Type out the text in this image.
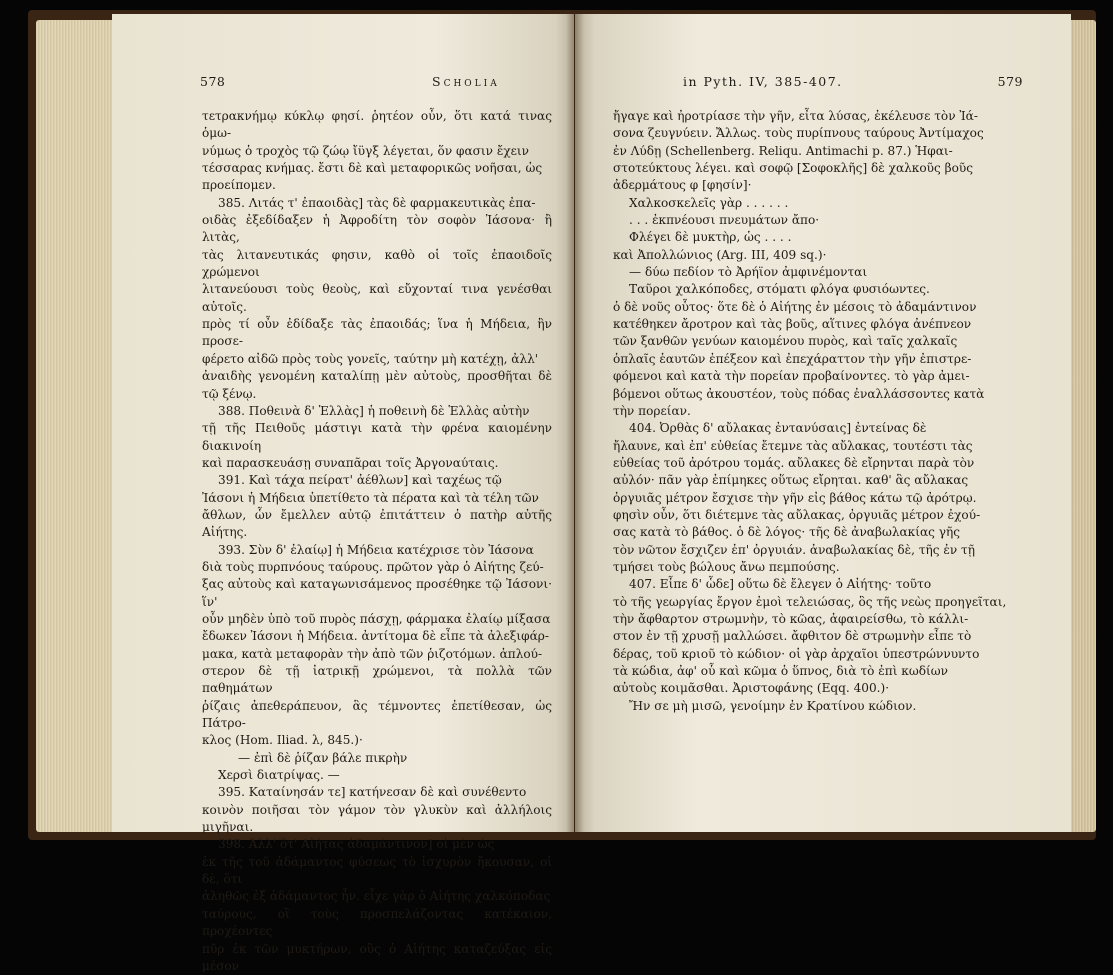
578	Scholia

τετρακνήμῳ κύκλῳ φησί. ῥητέον οὖν, ὅτι κατά τινας ὁμω-

νύμως ὁ τροχὸς τῷ ζώῳ ἴϋγξ λέγεται, ὅν φασιν ἔχειν

τέσσαρας κνήμας. ἔστι δὲ καὶ μεταφορικῶς νοῆσαι, ὡς

προείπομεν.

385. Λιτάς τ' ἐπαοιδὰς] τὰς δὲ φαρμακευτικὰς ἐπα-

οιδὰς ἐξεδίδαξεν ἡ Ἀφροδίτη τὸν σοφὸν Ἰάσονα· ἢ λιτὰς,

τὰς λιτανευτικάς φησιν, καθὸ οἱ τοῖς ἐπαοιδοῖς χρώμενοι

λιτανεύουσι τοὺς θεοὺς, καὶ εὔχονταί τινα γενέσθαι αὐτοῖς.

πρὸς τί οὖν ἐδίδαξε τὰς ἐπαοιδάς; ἵνα ἡ Μήδεια, ἣν προσε-

φέρετο αἰδῶ πρὸς τοὺς γονεῖς, ταύτην μὴ κατέχῃ, ἀλλ'

ἀναιδὴς γενομένη καταλίπῃ μὲν αὐτοὺς, προσθῆται δὲ τῷ ξένῳ.

388. Ποθεινὰ δ' Ἑλλὰς] ἡ ποθεινὴ δὲ Ἑλλὰς αὐτὴν

τῇ τῆς Πειθοῦς μάστιγι κατὰ τὴν φρένα καιομένην διακινοίη

καὶ παρασκευάσῃ συναπᾶραι τοῖς Ἀργοναύταις.

391. Καὶ τάχα πείρατ' ἀέθλων] καὶ ταχέως τῷ

Ἰάσονι ἡ Μήδεια ὑπετίθετο τὰ πέρατα καὶ τὰ τέλη τῶν

ἄθλων, ὧν ἔμελλεν αὐτῷ ἐπιτάττειν ὁ πατὴρ αὐτῆς Αἰήτης.

393. Σὺν δ' ἐλαίῳ] ἡ Μήδεια κατέχρισε τὸν Ἰάσονα

διὰ τοὺς πυρπνόους ταύρους. πρῶτον γὰρ ὁ Αἰήτης ζεύ-

ξας αὐτοὺς καὶ καταγωνισάμενος προσέθηκε τῷ Ἰάσονι· ἵν'

οὖν μηδὲν ὑπὸ τοῦ πυρὸς πάσχῃ, φάρμακα ἐλαίῳ μίξασα

ἔδωκεν Ἰάσονι ἡ Μήδεια. ἀντίτομα δὲ εἶπε τὰ ἀλεξιφάρ-

μακα, κατὰ μεταφορὰν τὴν ἀπὸ τῶν ῥιζοτόμων. ἀπλού-

στερον δὲ τῇ ἰατρικῇ χρώμενοι, τὰ πολλὰ τῶν παθημάτων

ῥίζαις ἀπεθεράπευον, ἃς τέμνοντες ἐπετίθεσαν, ὡς Πάτρο-

κλος (Hom. Iliad. λ, 845.)·

— ἐπὶ δὲ ῥίζαν βάλε πικρὴν

Χερσὶ διατρίψας. —

395. Καταίνησάν τε] κατήνεσαν δὲ καὶ συνέθεντο

κοινὸν ποιῆσαι τὸν γάμον τὸν γλυκὺν καὶ ἀλλήλοις μιγῆναι.

398. Ἀλλ' ὅτ' Αἰήτας ἀδαμάντινον] οἱ μὲν ὡς

ἐκ τῆς τοῦ ἀδάμαντος φύσεως τὸ ἰσχυρὸν ἤκουσαν, οἱ δὲ, ὅτι

ἀληθῶς ἐξ ἀδάμαντος ἦν. εἶχε γὰρ ὁ Αἰήτης χαλκόποδας

ταύρους, οἳ τοὺς προσπελάζοντας κατέκαιον, προχέοντες

πῦρ ἐκ τῶν μυκτήρων, οὓς ὁ Αἰήτης καταζεύξας εἰς μέσον

in Pyth. IV, 385-407.	579

ἤγαγε καὶ ἠροτρίασε τὴν γῆν, εἶτα λύσας, ἐκέλευσε τὸν Ἰά-

σονα ζευγνύειν. Ἄλλως. τοὺς πυρίπνους ταύρους Ἀντίμαχος

ἐν Λύδῃ (Schellenberg. Reliqu. Antimachi p. 87.) Ἡφαι-

στοτεύκτους λέγει. καὶ σοφῷ [Σοφοκλῆς] δὲ χαλκοῦς βοῦς

ἀδερμάτους φ [φησίν]·

Χαλκοσκελεῖς γὰρ . . . . . .

. . . ἐκπνέουσι πνευμάτων ἄπο·

Φλέγει δὲ μυκτὴρ, ὡς . . . .

καὶ Ἀπολλώνιος (Arg. III, 409 sq.)·

— δύω πεδίον τὸ Ἀρήϊον ἀμφινέμονται

Ταῦροι χαλκόποδες, στόματι φλόγα φυσιόωντες.

ὁ δὲ νοῦς οὗτος· ὅτε δὲ ὁ Αἰήτης ἐν μέσοις τὸ ἀδαμάντινον

κατέθηκεν ἄροτρον καὶ τὰς βοῦς, αἵτινες φλόγα ἀνέπνεον

τῶν ξανθῶν γενύων καιομένου πυρὸς, καὶ ταῖς χαλκαῖς

ὁπλαῖς ἑαυτῶν ἐπέξεον καὶ ἐπεχάραττον τὴν γῆν ἐπιστρε-

φόμενοι καὶ κατὰ τὴν πορείαν προβαίνοντες. τὸ γὰρ ἀμει-

βόμενοι οὕτως ἀκουστέον, τοὺς πόδας ἐναλλάσσοντες κατὰ

τὴν πορείαν.

404. Ὀρθὰς δ' αὔλακας ἐντανύσαις] ἐντείνας δὲ

ἤλαυνε, καὶ ἐπ' εὐθείας ἔτεμνε τὰς αὔλακας, τουτέστι τὰς

εὐθείας τοῦ ἀρότρου τομάς. αὔλακες δὲ εἴρηνται παρὰ τὸν

αὐλόν· πᾶν γὰρ ἐπίμηκες οὕτως εἴρηται. καθ' ἃς αὔλακας

ὀργυιᾶς μέτρον ἔσχισε τὴν γῆν εἰς βάθος κάτω τῷ ἀρότρῳ.

φησὶν οὖν, ὅτι διέτεμνε τὰς αὔλακας, ὀργυιᾶς μέτρον ἐχού-

σας κατὰ τὸ βάθος. ὁ δὲ λόγος· τῆς δὲ ἀναβωλακίας γῆς

τὸν νῶτον ἔσχιζεν ἐπ' ὀργυιάν. ἀναβωλακίας δὲ, τῆς ἐν τῇ

τμήσει τοὺς βώλους ἄνω πεμπούσης.

407. Εἶπε δ' ὧδε] οὕτω δὲ ἔλεγεν ὁ Αἰήτης· τοῦτο

τὸ τῆς γεωργίας ἔργον ἐμοὶ τελειώσας, ὃς τῆς νεὼς προηγεῖται,

τὴν ἄφθαρτον στρωμνὴν, τὸ κῶας, ἀφαιρείσθω, τὸ κάλλι-

στον ἐν τῇ χρυσῇ μαλλώσει. ἄφθιτον δὲ στρωμνὴν εἶπε τὸ

δέρας, τοῦ κριοῦ τὸ κώδιον· οἱ γὰρ ἀρχαῖοι ὑπεστρώννυντο

τὰ κώδια, ἀφ' οὗ καὶ κῶμα ὁ ὕπνος, διὰ τὸ ἐπὶ κωδίων

αὐτοὺς κοιμᾶσθαι. Ἀριστοφάνης (Eqq. 400.)·

Ἤν σε μὴ μισῶ, γενοίμην ἐν Κρατίνου κώδιον.
